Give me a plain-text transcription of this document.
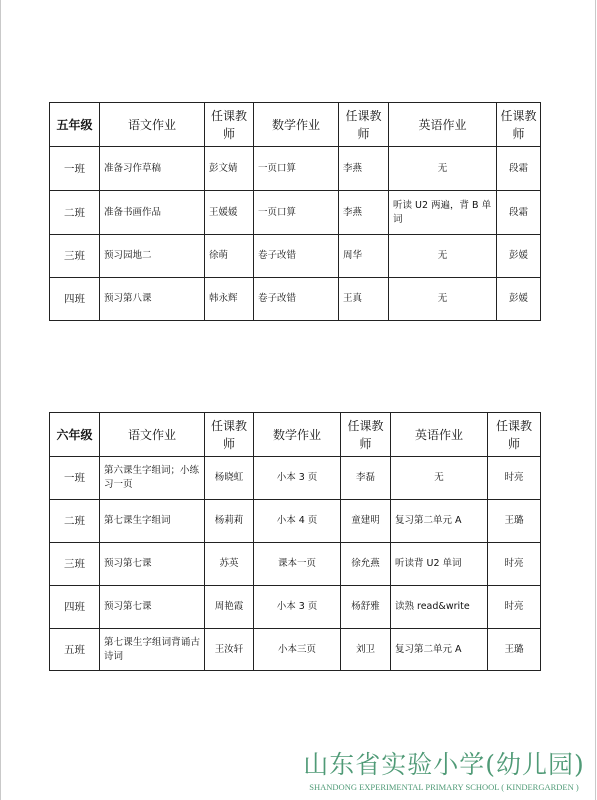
五年级	语文作业	任课教师	数学作业	任课教师	英语作业	任课教师
一班	准备习作草稿	彭文婧	一页口算	李燕	无	段霜
二班	准备书画作品	王媛媛	一页口算	李燕	听读 U2 两遍，背 B 单词	段霜
三班	预习园地二	徐萌	卷子改错	周华	无	彭媛
四班	预习第八课	韩永辉	卷子改错	王真	无	彭媛
六年级	语文作业	任课教师	数学作业	任课教师	英语作业	任课教师
一班	第六课生字组词；小练习一页	杨晓虹	小本 3 页	李磊	无	时亮
二班	第七课生字组词	杨莉莉	小本 4 页	童建明	复习第二单元 A	王璐
三班	预习第七课	苏英	课本一页	徐允燕	听读背 U2 单词	时亮
四班	预习第七课	周艳霞	小本 3 页	杨舒雅	读熟 read&write	时亮
五班	第七课生字组词背诵古诗词	王汝轩	小本三页	刘卫	复习第二单元 A	王璐
山东省实验小学(幼儿园)
SHANDONG EXPERIMENTAL PRIMARY SCHOOL ( KINDERGARDEN )
